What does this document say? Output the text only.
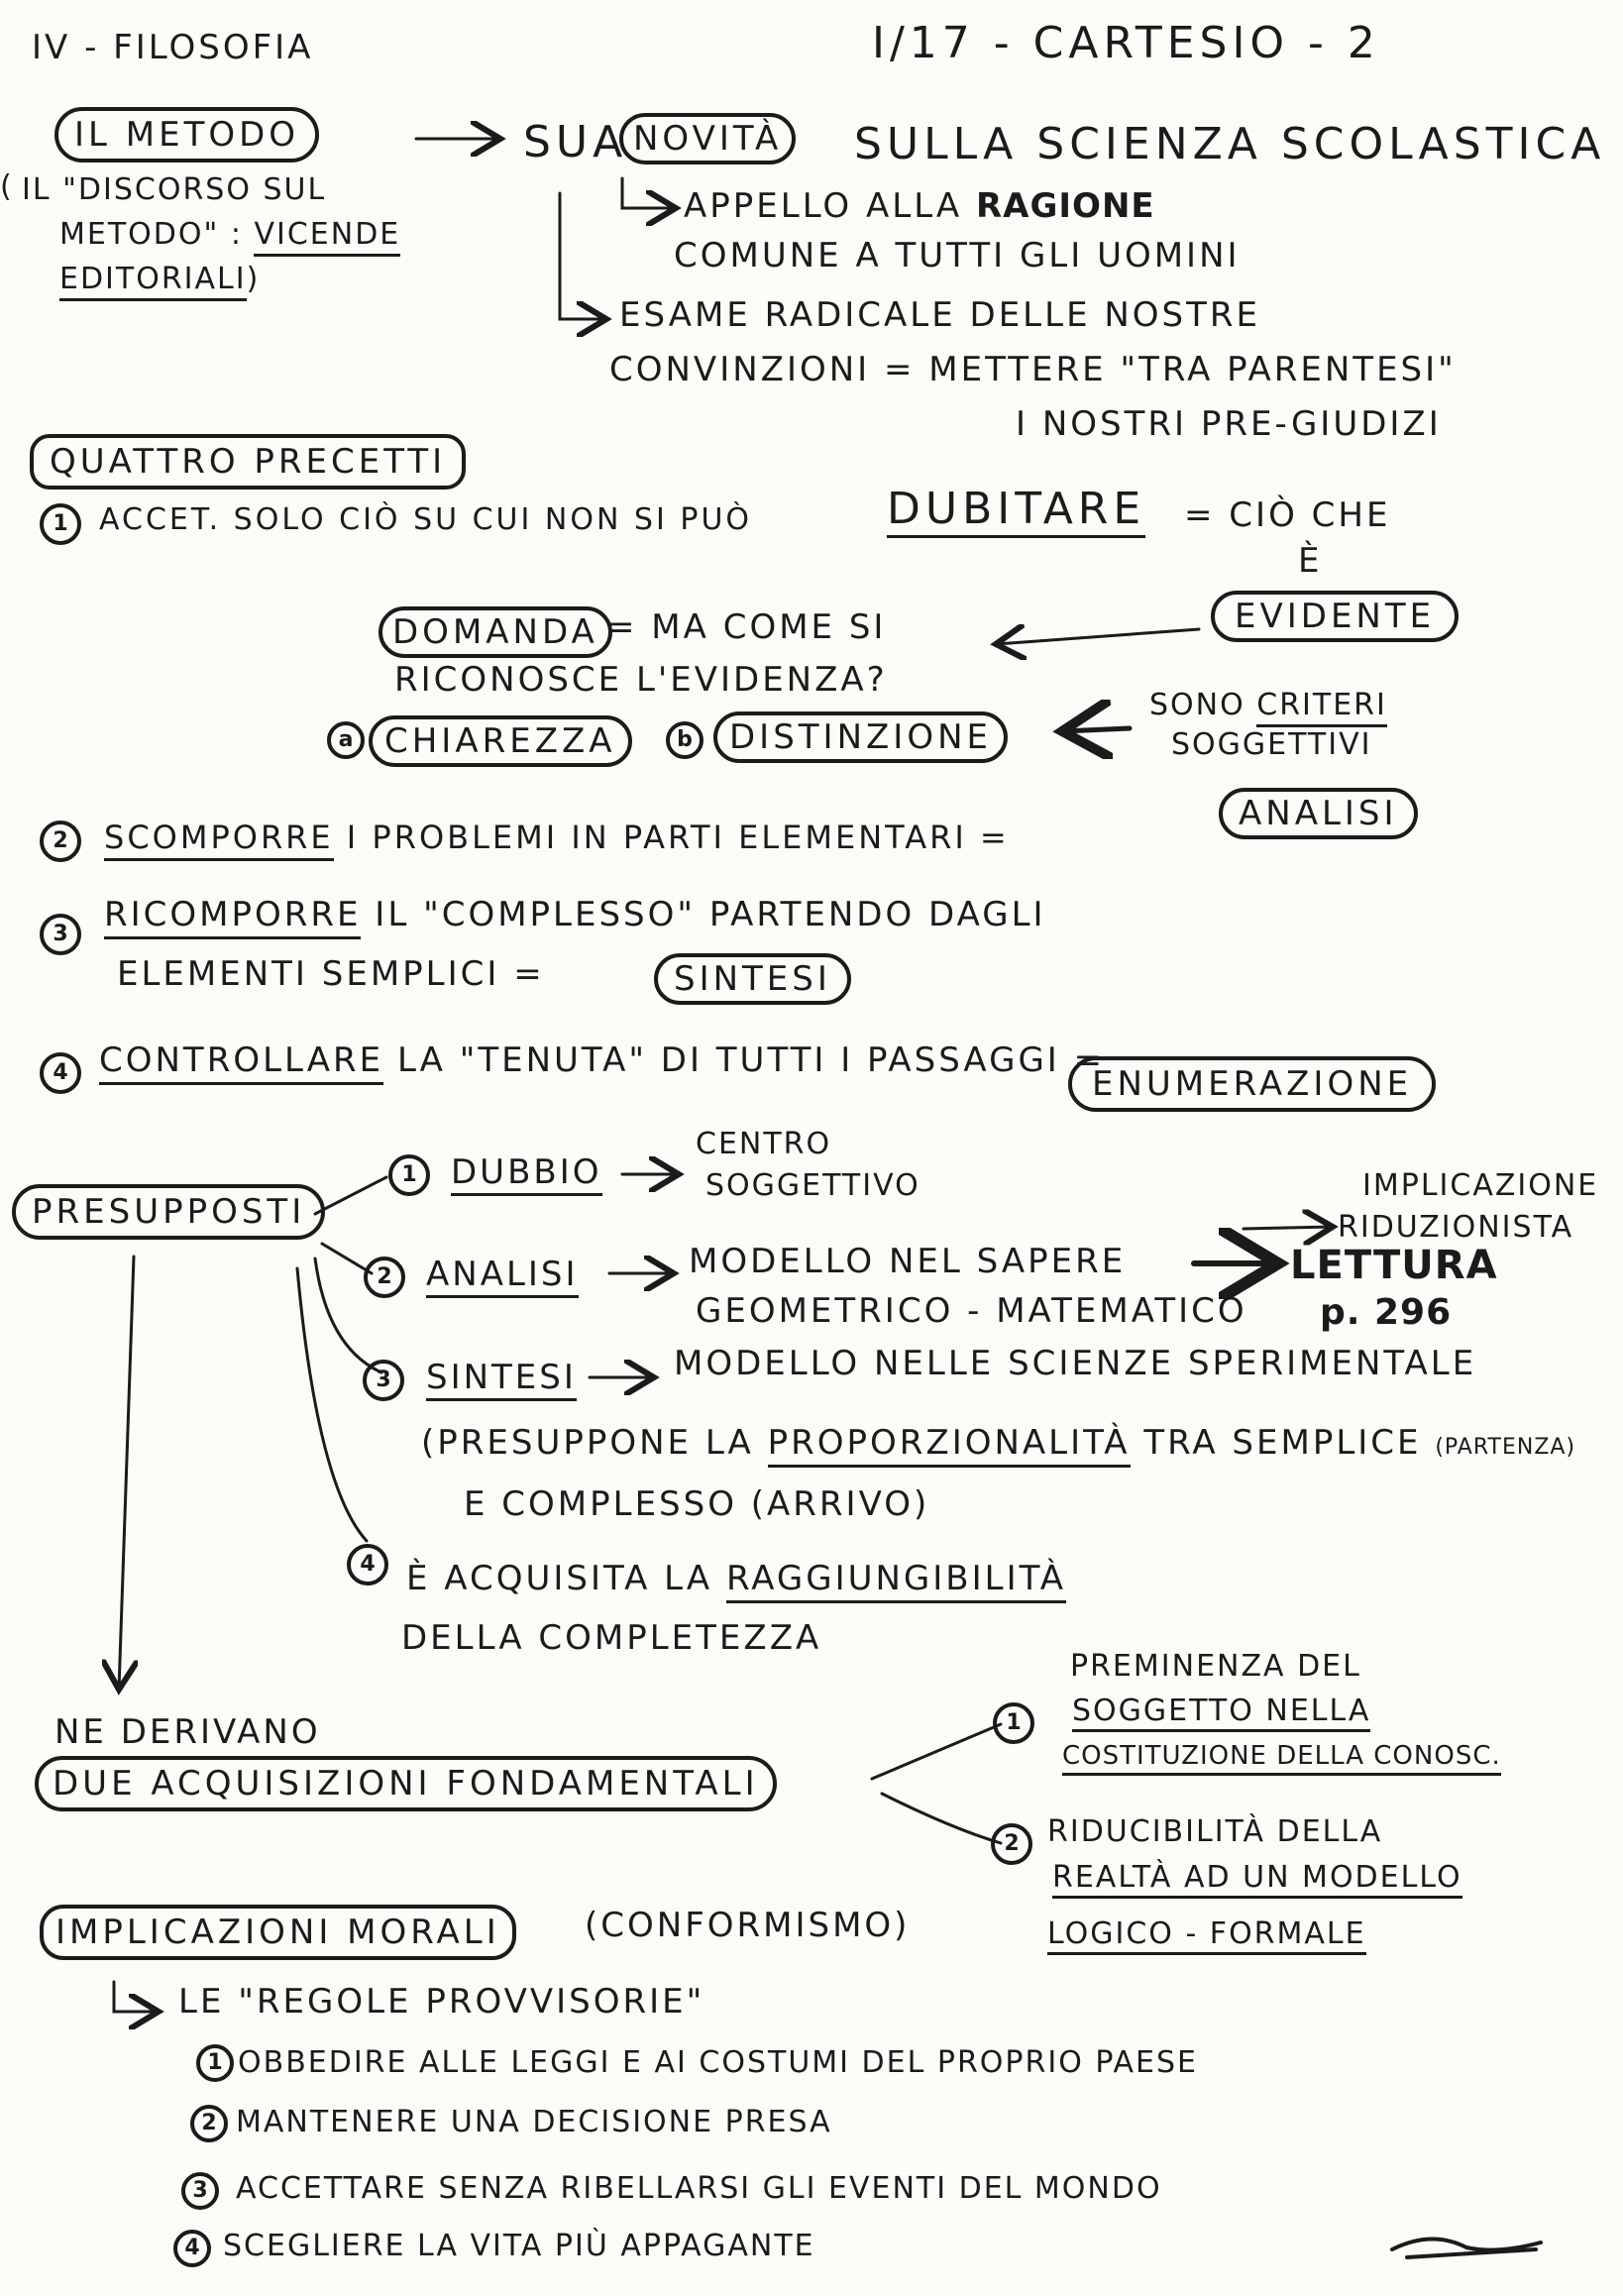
IV - FILOSOFIA	I/17 - CARTESIO - 2
IL METODO
( IL "DISCORSO SUL
METODO" : VICENDE
EDITORIALI)
SUA NOVITÀ	SULLA SCIENZA SCOLASTICA
APPELLO ALLA RAGIONE
COMUNE A TUTTI GLI UOMINI
ESAME RADICALE DELLE NOSTRE
CONVINZIONI = METTERE "TRA PARENTESI"
I NOSTRI PRE-GIUDIZI
QUATTRO PRECETTI
1	ACCET. SOLO CIÒ SU CUI NON SI PUÒ	DUBITARE = CIÒ CHE
È
EVIDENTE
DOMANDA = MA COME SI
RICONOSCE L'EVIDENZA?
a CHIAREZZA	b	DISTINZIONE
SONO CRITERI
SOGGETTIVI
2	SCOMPORRE I PROBLEMI IN PARTI ELEMENTARI =
ANALISI
3	RICOMPORRE IL "COMPLESSO" PARTENDO DAGLI
ELEMENTI SEMPLICI =	SINTESI
4 CONTROLLARE LA "TENUTA" DI TUTTI I PASSAGGI =
ENUMERAZIONE
PRESUPPOSTI
1	DUBBIO
CENTRO
SOGGETTIVO	IMPLICAZIONE
RIDUZIONISTA
2	ANALISI	MODELLO NEL SAPERE
GEOMETRICO - MATEMATICO
LETTURA
p. 296
3	SINTESI	MODELLO NELLE SCIENZE SPERIMENTALE
(PRESUPPONE LA PROPORZIONALITÀ TRA SEMPLICE (PARTENZA)
E COMPLESSO (ARRIVO)
4 È ACQUISITA LA RAGGIUNGIBILITÀ
DELLA COMPLETEZZA
NE DERIVANO
DUE ACQUISIZIONI FONDAMENTALI
1
PREMINENZA DEL
SOGGETTO NELLA
COSTITUZIONE DELLA CONOSC.
2 RIDUCIBILITÀ DELLA
REALTÀ AD UN MODELLO
LOGICO - FORMALE
IMPLICAZIONI MORALI	(CONFORMISMO)
LE "REGOLE PROVVISORIE"
1 OBBEDIRE ALLE LEGGI E AI COSTUMI DEL PROPRIO PAESE
2 MANTENERE UNA DECISIONE PRESA
3 ACCETTARE SENZA RIBELLARSI GLI EVENTI DEL MONDO
4 SCEGLIERE LA VITA PIÙ APPAGANTE
